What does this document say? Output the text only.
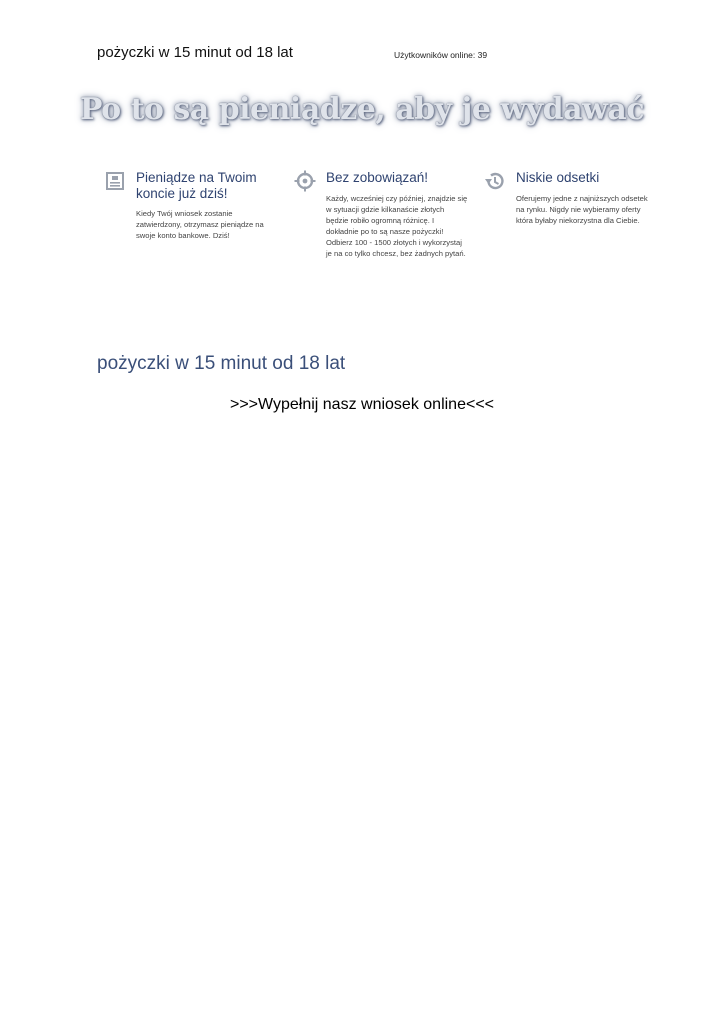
pożyczki w 15 minut od 18 lat	Użytkowników online: 39
Po to są pieniądze, aby je wydawać
Pieniądze na Twoim koncie już dziś!
Kiedy Twój wniosek zostanie zatwierdzony, otrzymasz pieniądze na swoje konto bankowe. Dziś!
Bez zobowiązań!
Każdy, wcześniej czy później, znajdzie się w sytuacji gdzie kilkanaście złotych będzie robiło ogromną różnicę. I dokładnie po to są nasze pożyczki! Odbierz 100 - 1500 złotych i wykorzystaj je na co tylko chcesz, bez żadnych pytań.
Niskie odsetki
Oferujemy jedne z najniższych odsetek na rynku. Nigdy nie wybieramy oferty która byłaby niekorzystna dla Ciebie.
pożyczki w 15 minut od 18 lat
>>>Wypełnij nasz wniosek online<<<
